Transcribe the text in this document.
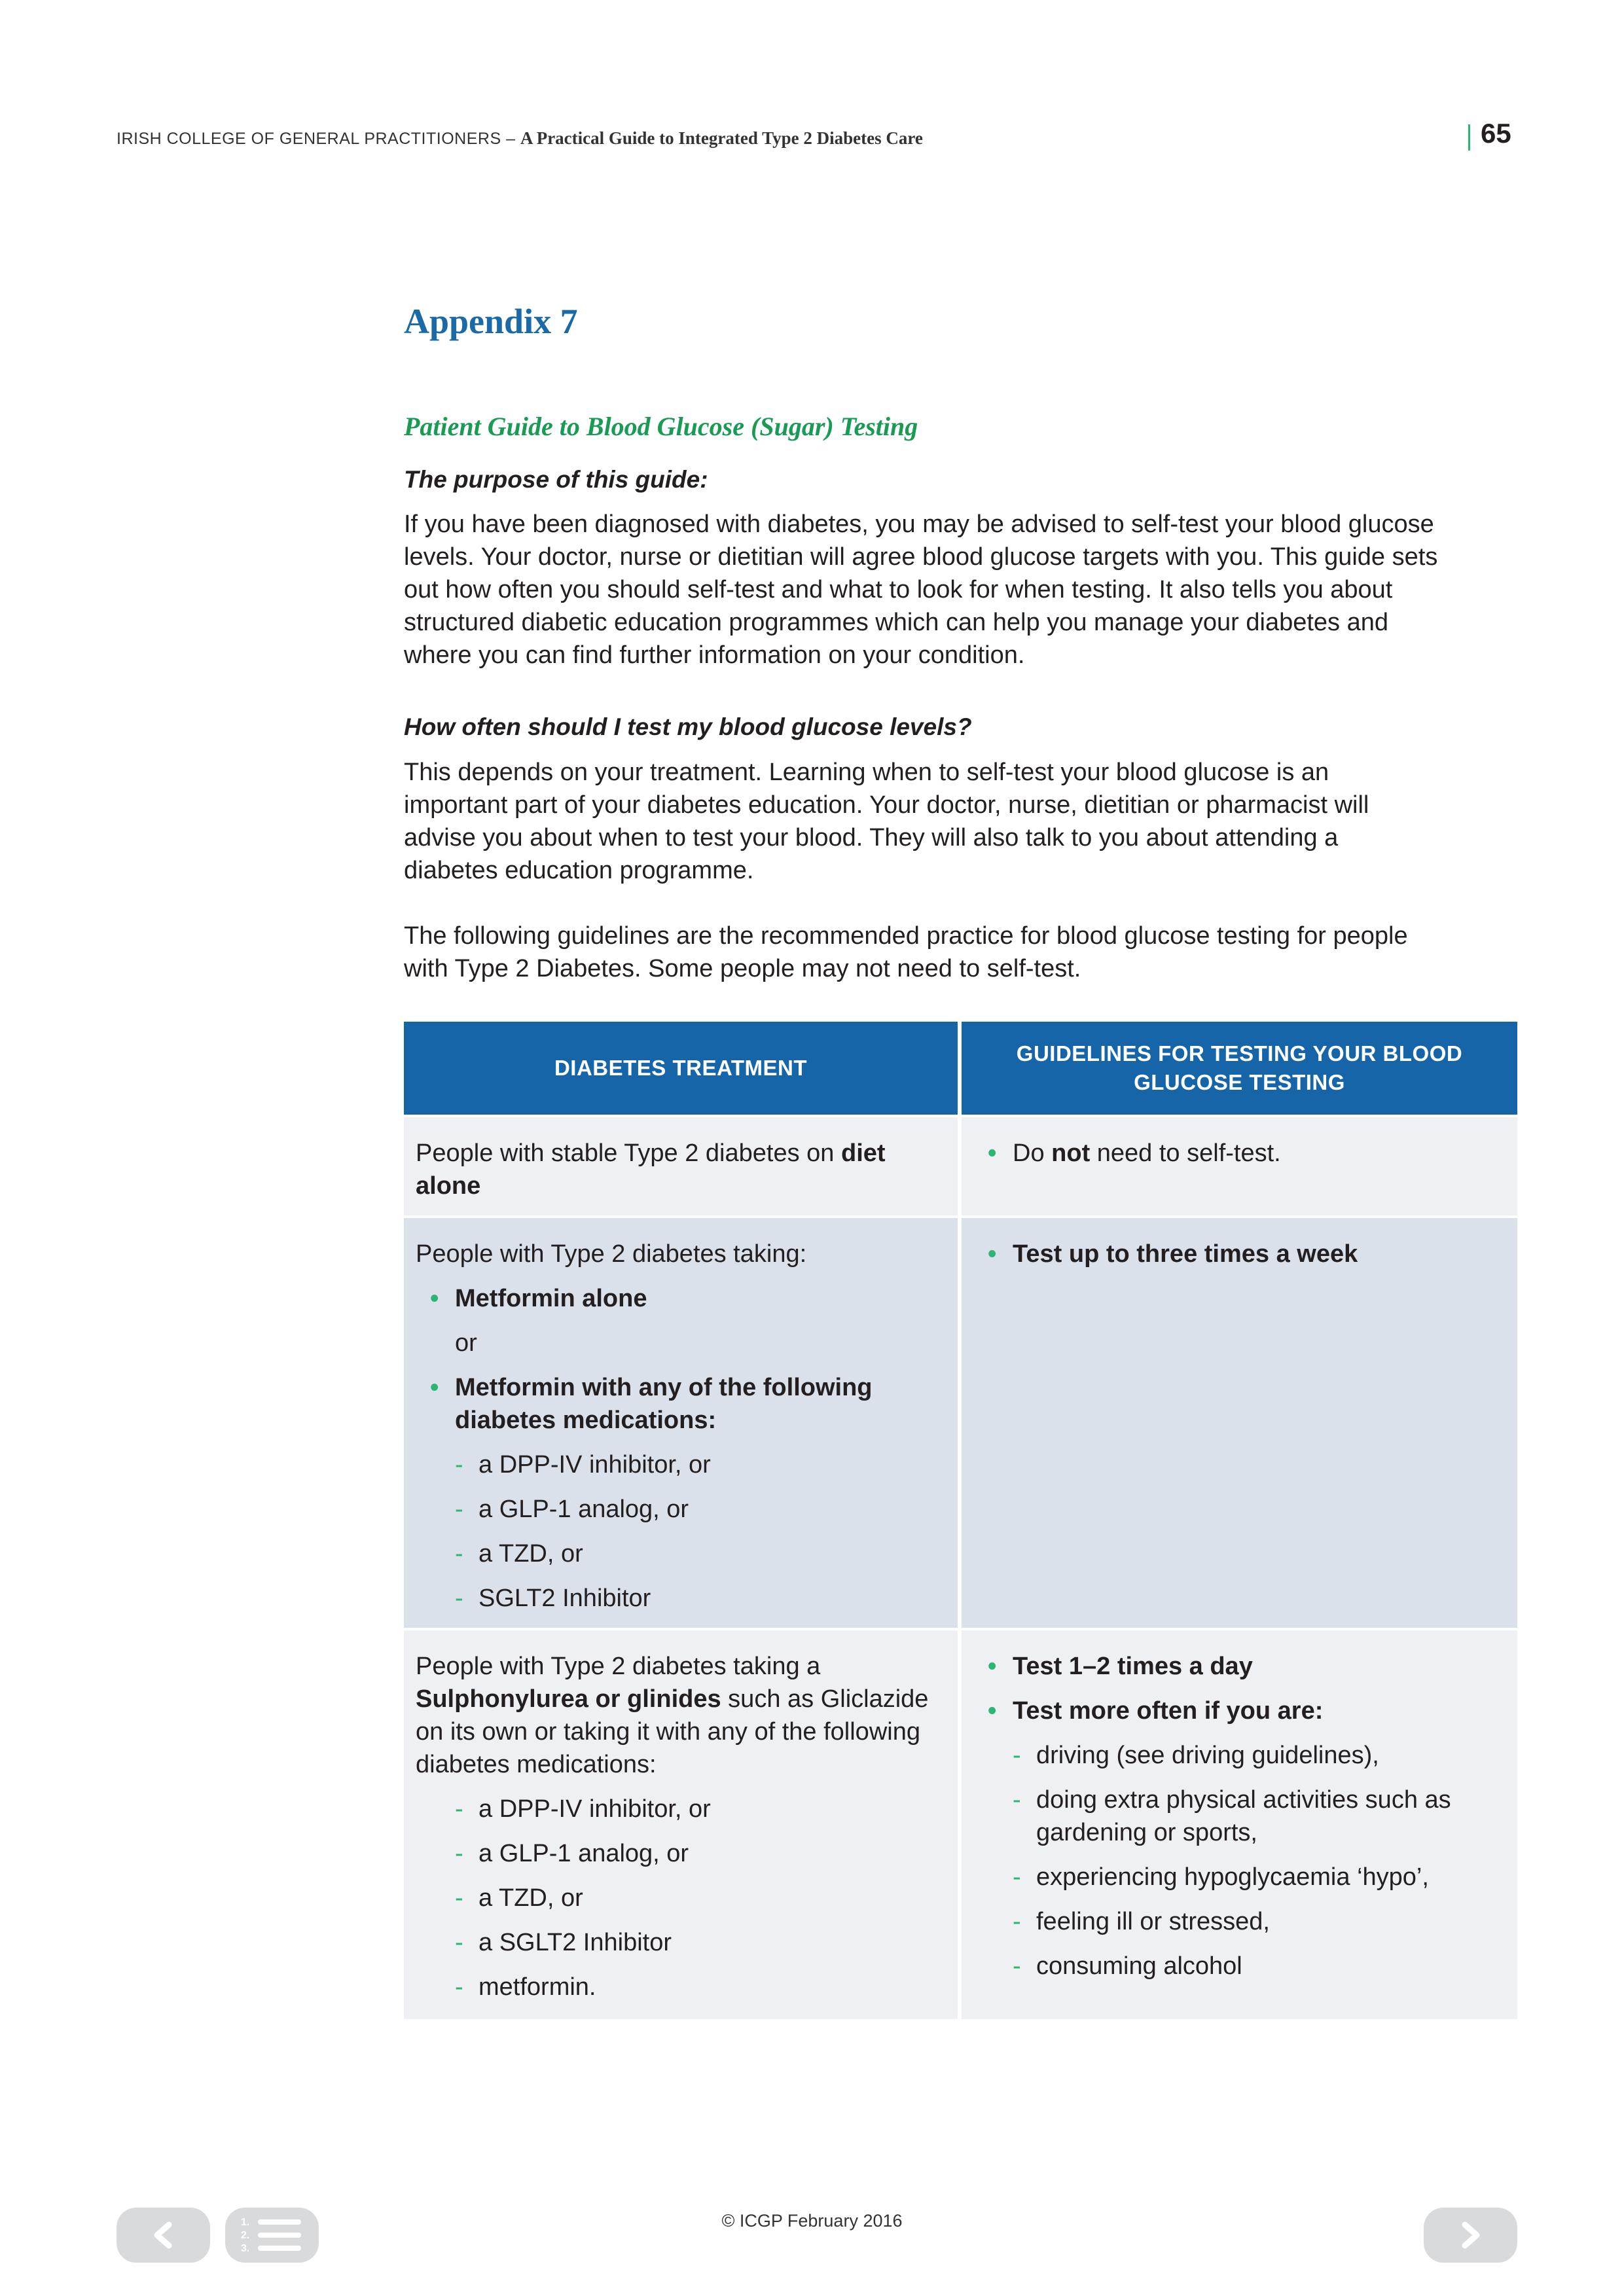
IRISH COLLEGE OF GENERAL PRACTITIONERS – A Practical Guide to Integrated Type 2 Diabetes Care	65
Appendix 7
Patient Guide to Blood Glucose (Sugar) Testing
The purpose of this guide:
If you have been diagnosed with diabetes, you may be advised to self-test your blood glucose
levels. Your doctor, nurse or dietitian will agree blood glucose targets with you. This guide sets
out how often you should self-test and what to look for when testing. It also tells you about
structured diabetic education programmes which can help you manage your diabetes and
where you can find further information on your condition.
How often should I test my blood glucose levels?
This depends on your treatment. Learning when to self-test your blood glucose is an
important part of your diabetes education. Your doctor, nurse, dietitian or pharmacist will
advise you about when to test your blood. They will also talk to you about attending a
diabetes education programme.
The following guidelines are the recommended practice for blood glucose testing for people
with Type 2 Diabetes. Some people may not need to self-test.
DIABETES TREATMENT
GUIDELINES FOR TESTING YOUR BLOOD GLUCOSE TESTING
People with stable Type 2 diabetes on diet alone
• Do not need to self-test.
People with Type 2 diabetes taking:
• Metformin alone
or
• Metformin with any of the following diabetes medications:
- a DPP-IV inhibitor, or
- a GLP-1 analog, or
- a TZD, or
- SGLT2 Inhibitor
• Test up to three times a week
People with Type 2 diabetes taking a Sulphonylurea or glinides such as Gliclazide on its own or taking it with any of the following diabetes medications:
- a DPP-IV inhibitor, or
- a GLP-1 analog, or
- a TZD, or
- a SGLT2 Inhibitor
- metformin.
• Test 1–2 times a day
• Test more often if you are:
- driving (see driving guidelines),
- doing extra physical activities such as gardening or sports,
- experiencing hypoglycaemia ‘hypo’,
- feeling ill or stressed,
- consuming alcohol
© ICGP February 2016
1.
2.
3.
